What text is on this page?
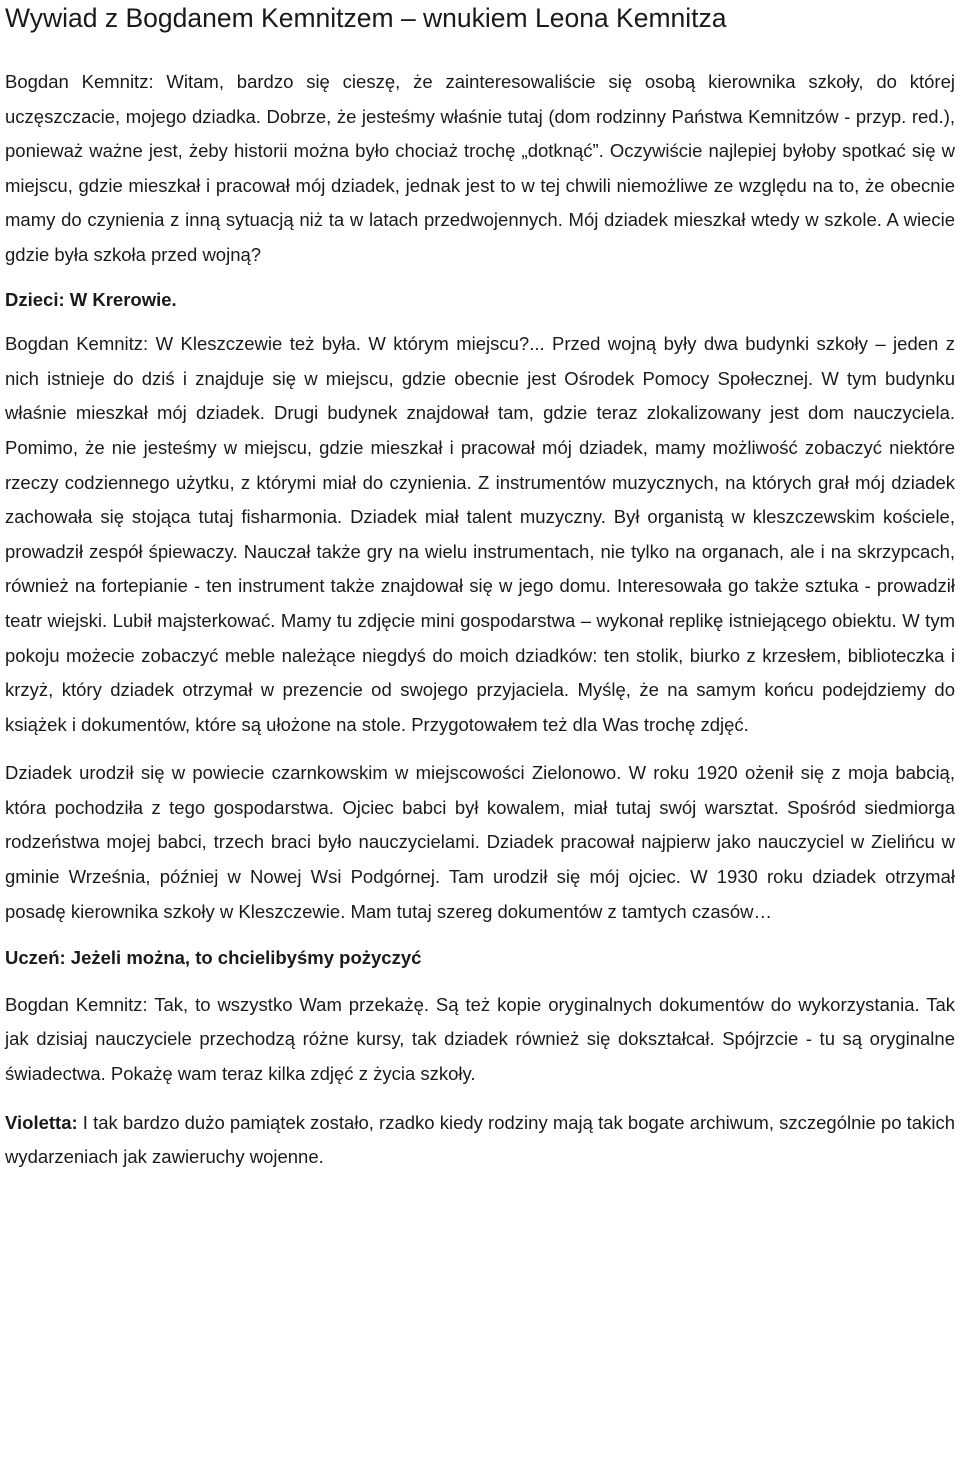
Wywiad z Bogdanem Kemnitzem – wnukiem Leona Kemnitza

Bogdan Kemnitz: Witam, bardzo się cieszę, że zainteresowaliście się osobą kierownika szkoły, do której uczęszczacie, mojego dziadka. Dobrze, że jesteśmy właśnie tutaj (dom rodzinny Państwa Kemnitzów - przyp. red.), ponieważ ważne jest, żeby historii można było chociaż trochę „dotknąć”. Oczywiście najlepiej byłoby spotkać się w miejscu, gdzie mieszkał i pracował mój dziadek, jednak jest to w tej chwili niemożliwe ze względu na to, że obecnie mamy do czynienia z inną sytuacją niż ta w latach przedwojennych. Mój dziadek mieszkał wtedy w szkole. A wiecie gdzie była szkoła przed wojną?

Dzieci: W Krerowie.

Bogdan Kemnitz: W Kleszczewie też była. W którym miejscu?... Przed wojną były dwa budynki szkoły – jeden z nich istnieje do dziś i znajduje się w miejscu, gdzie obecnie jest Ośrodek Pomocy Społecznej. W tym budynku właśnie mieszkał mój dziadek. Drugi budynek znajdował tam, gdzie teraz zlokalizowany jest dom nauczyciela. Pomimo, że nie jesteśmy w miejscu, gdzie mieszkał i pracował mój dziadek, mamy możliwość zobaczyć niektóre rzeczy codziennego użytku, z którymi miał do czynienia. Z instrumentów muzycznych, na których grał mój dziadek zachowała się stojąca tutaj fisharmonia. Dziadek miał talent muzyczny. Był organistą w kleszczewskim kościele, prowadził zespół śpiewaczy. Nauczał także gry na wielu instrumentach, nie tylko na organach, ale i na skrzypcach, również na fortepianie - ten instrument także znajdował się w jego domu. Interesowała go także sztuka - prowadził teatr wiejski. Lubił majsterkować. Mamy tu zdjęcie mini gospodarstwa – wykonał replikę istniejącego obiektu. W tym pokoju możecie zobaczyć meble należące niegdyś do moich dziadków: ten stolik, biurko z krzesłem, biblioteczka i krzyż, który dziadek otrzymał w prezencie od swojego przyjaciela. Myślę, że na samym końcu podejdziemy do książek i dokumentów, które są ułożone na stole. Przygotowałem też dla Was trochę zdjęć.

Dziadek urodził się w powiecie czarnkowskim w miejscowości Zielonowo. W roku 1920 ożenił się z moja babcią, która pochodziła z tego gospodarstwa. Ojciec babci był kowalem, miał tutaj swój warsztat. Spośród siedmiorga rodzeństwa mojej babci, trzech braci było nauczycielami. Dziadek pracował najpierw jako nauczyciel w Zielińcu w gminie Września, później w Nowej Wsi Podgórnej. Tam urodził się mój ojciec. W 1930 roku dziadek otrzymał posadę kierownika szkoły w Kleszczewie. Mam tutaj szereg dokumentów z tamtych czasów…

Uczeń: Jeżeli można, to chcielibyśmy pożyczyć

Bogdan Kemnitz: Tak, to wszystko Wam przekażę. Są też kopie oryginalnych dokumentów do wykorzystania. Tak jak dzisiaj nauczyciele przechodzą różne kursy, tak dziadek również się dokształcał. Spójrzcie - tu są oryginalne świadectwa. Pokażę wam teraz kilka zdjęć z życia szkoły.

Violetta: I tak bardzo dużo pamiątek zostało, rzadko kiedy rodziny mają tak bogate archiwum, szczególnie po takich wydarzeniach jak zawieruchy wojenne.
